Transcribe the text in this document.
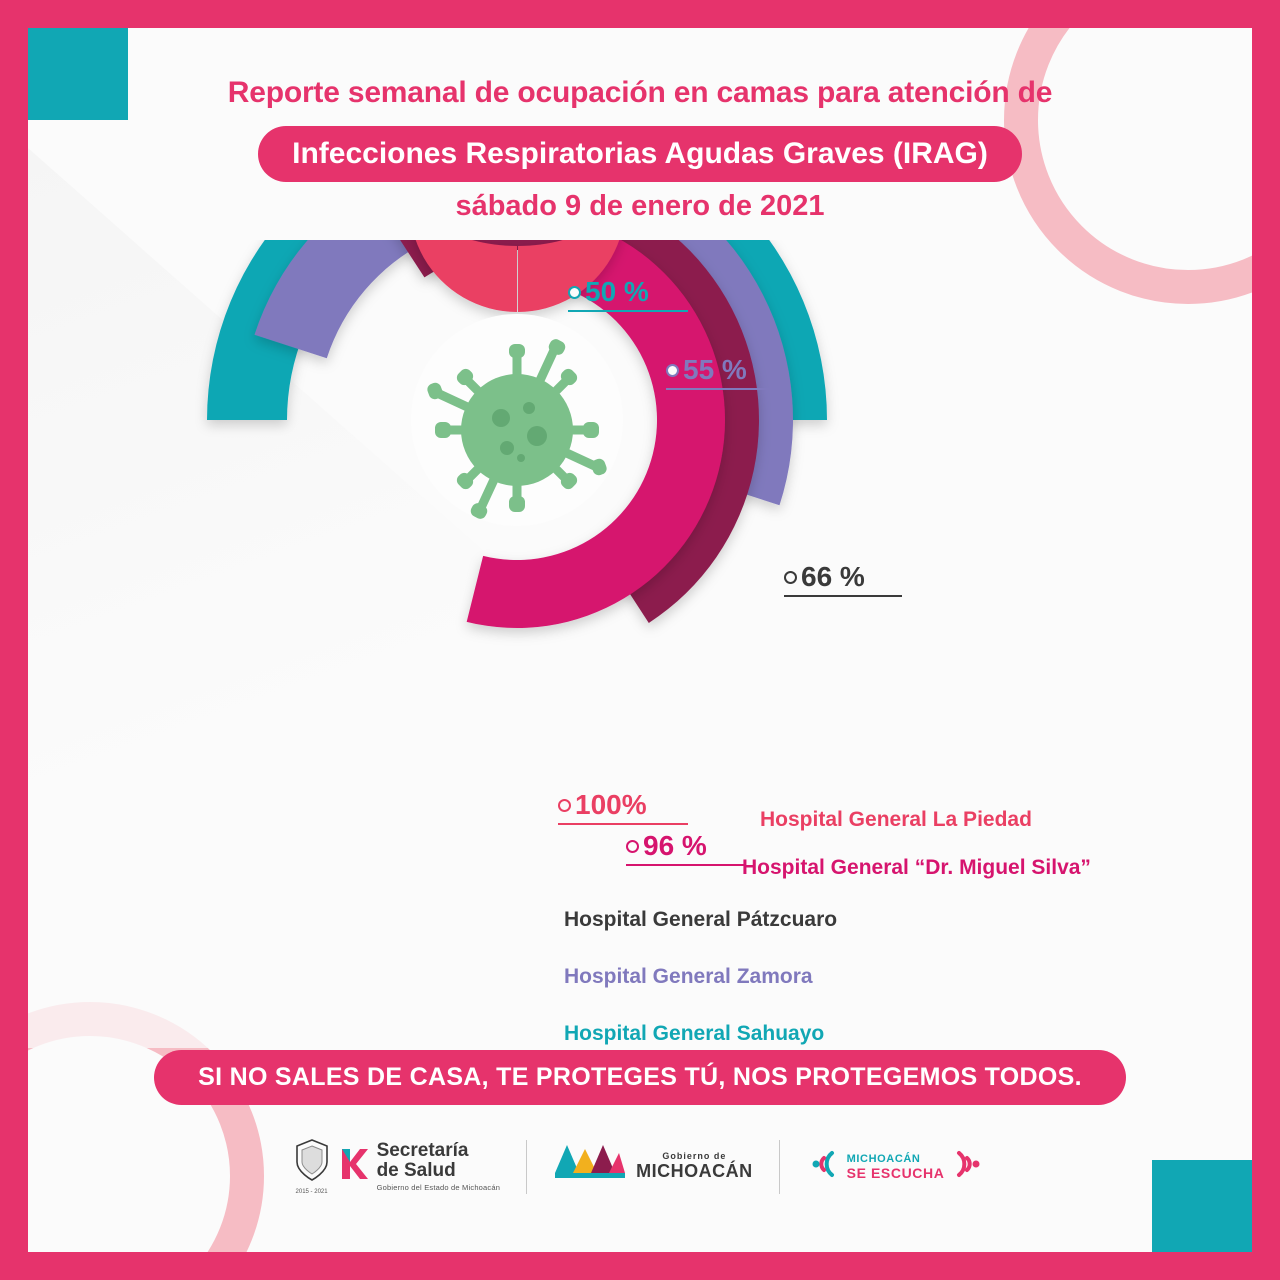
Reporte semanal de ocupación en camas para atención de
Infecciones Respiratorias Agudas Graves (IRAG)
sábado 9 de enero de 2021
50 %
55 %
66 %
100%
96 %
Hospital General La Piedad
Hospital General “Dr. Miguel Silva”
Hospital General Pátzcuaro
Hospital General Zamora
Hospital General Sahuayo
SI NO SALES DE CASA, TE PROTEGES TÚ, NOS PROTEGEMOS TODOS.
2015 - 2021
Secretaría
de Salud
Gobierno del Estado de Michoacán
Gobierno de
MICHOACÁN
MICHOACÁN
SE ESCUCHA
